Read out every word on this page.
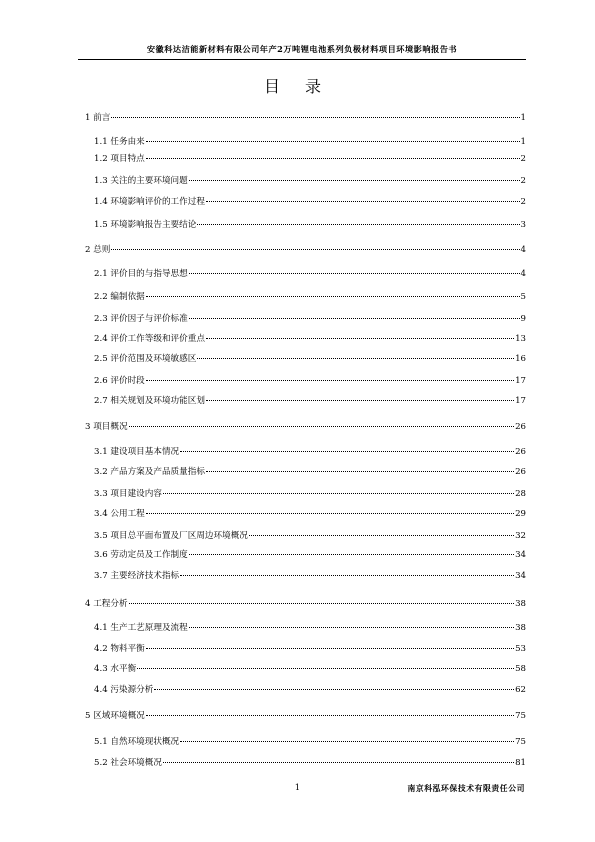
安徽科达洁能新材料有限公司年产2万吨锂电池系列负极材料项目环境影响报告书
目 录
1 前言	1
1.1 任务由来	1
1.2 项目特点	2
1.3 关注的主要环境问题	2
1.4 环境影响评价的工作过程	2
1.5 环境影响报告主要结论	3
2 总则	4
2.1 评价目的与指导思想	4
2.2 编制依据	5
2.3 评价因子与评价标准	9
2.4 评价工作等级和评价重点	13
2.5 评价范围及环境敏感区	16
2.6 评价时段	17
2.7 相关规划及环境功能区划	17
3 项目概况	26
3.1 建设项目基本情况	26
3.2 产品方案及产品质量指标	26
3.3 项目建设内容	28
3.4 公用工程	29
3.5 项目总平面布置及厂区周边环境概况	32
3.6 劳动定员及工作制度	34
3.7 主要经济技术指标	34
4 工程分析	38
4.1 生产工艺原理及流程	38
4.2 物料平衡	53
4.3 水平衡	58
4.4 污染源分析	62
5 区域环境概况	75
5.1 自然环境现状概况	75
5.2 社会环境概况	81
1	南京科泓环保技术有限责任公司
